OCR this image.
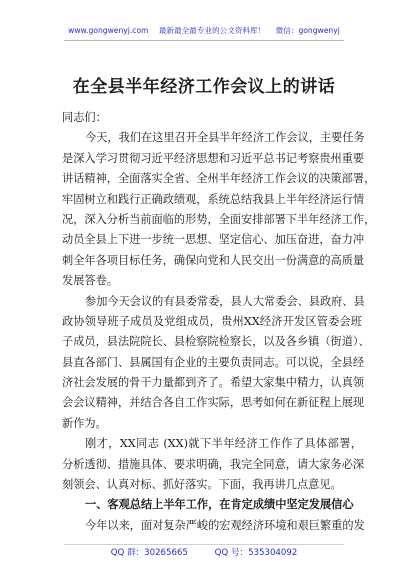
www.gongwenyj.com 最新最全最专业的公文资料库！ 微信：gongwenyj
在全县半年经济工作会议上的讲话
同志们：
今天，我们在这里召开全县半年经济工作会议，主要任务
是深入学习贯彻习近平经济思想和习近平总书记考察贵州重要
讲话精神，全面落实全省、全州半年经济工作会议的决策部署，
牢固树立和践行正确政绩观，系统总结我县上半年经济运行情
况，深入分析当前面临的形势，全面安排部署下半年经济工作，
动员全县上下进一步统一思想、坚定信心、加压奋进，奋力冲
刺全年各项目标任务，确保向党和人民交出一份满意的高质量
发展答卷。
参加今天会议的有县委常委，县人大常委会、县政府、县
政协领导班子成员及党组成员，贵州XX经济开发区管委会班
子成员，县法院院长、县检察院检察长，以及各乡镇（街道）、
县直各部门、县属国有企业的主要负责同志。可以说，全县经
济社会发展的骨干力量都到齐了。希望大家集中精力，认真领
会会议精神，并结合各自工作实际，思考如何在新征程上展现
新作为。
刚才，XX同志 (XX)就下半年经济工作作了具体部署，
分析透彻、措施具体、要求明确，我完全同意，请大家务必深
刻领会、认真对标、抓好落实。下面，我再讲几点意见。
一、客观总结上半年工作，在肯定成绩中坚定发展信心
今年以来，面对复杂严峻的宏观经济环境和艰巨繁重的发
QQ 群：30265665	QQ 号：535304092
